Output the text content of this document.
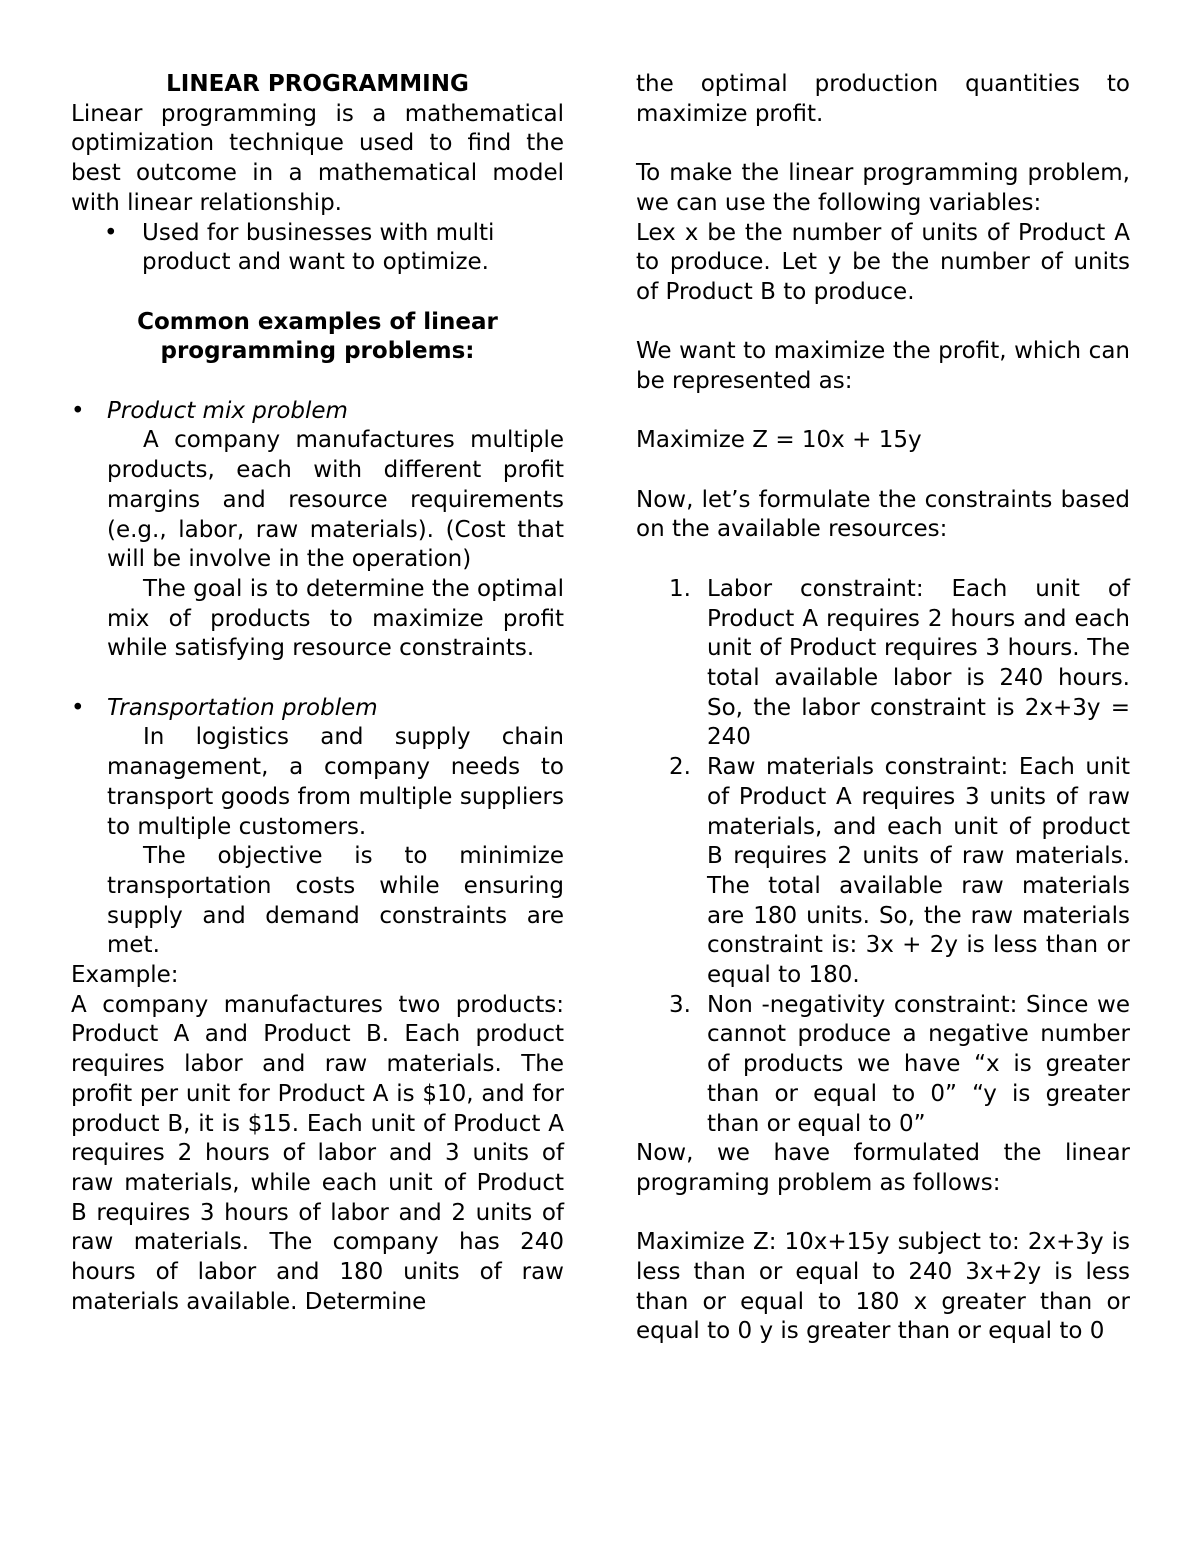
LINEAR PROGRAMMING

Linear programming is a mathematical optimization technique used to find the best outcome in a mathematical model with linear relationship.

• Used for businesses with multi product and want to optimize.

Common examples of linear programming problems:

• Product mix problem

A company manufactures multiple products, each with different profit margins and resource requirements (e.g., labor, raw materials). (Cost that will be involve in the operation)

The goal is to determine the optimal mix of products to maximize profit while satisfying resource constraints.

• Transportation problem

In logistics and supply chain management, a company needs to transport goods from multiple suppliers to multiple customers.

The objective is to minimize transportation costs while ensuring supply and demand constraints are met.

Example:

A company manufactures two products: Product A and Product B. Each product requires labor and raw materials. The profit per unit for Product A is $10, and for product B, it is $15. Each unit of Product A requires 2 hours of labor and 3 units of raw materials, while each unit of Product B requires 3 hours of labor and 2 units of raw materials. The company has 240 hours of labor and 180 units of raw materials available. Determine

the optimal production quantities to maximize profit.

To make the linear programming problem, we can use the following variables:

Lex x be the number of units of Product A to produce. Let y be the number of units of Product B to produce.

We want to maximize the profit, which can be represented as:

Maximize Z = 10x + 15y

Now, let’s formulate the constraints based on the available resources:

1. Labor constraint: Each unit of Product A requires 2 hours and each unit of Product requires 3 hours. The total available labor is 240 hours. So, the labor constraint is 2x+3y = 240
2. Raw materials constraint: Each unit of Product A requires 3 units of raw materials, and each unit of product B requires 2 units of raw materials. The total available raw materials are 180 units. So, the raw materials constraint is: 3x + 2y is less than or equal to 180.
3. Non -negativity constraint: Since we cannot produce a negative number of products we have “x is greater than or equal to 0” “y is greater than or equal to 0”

Now, we have formulated the linear programing problem as follows:

Maximize Z: 10x+15y subject to: 2x+3y is less than or equal to 240 3x+2y is less than or equal to 180 x greater than or equal to 0 y is greater than or equal to 0
